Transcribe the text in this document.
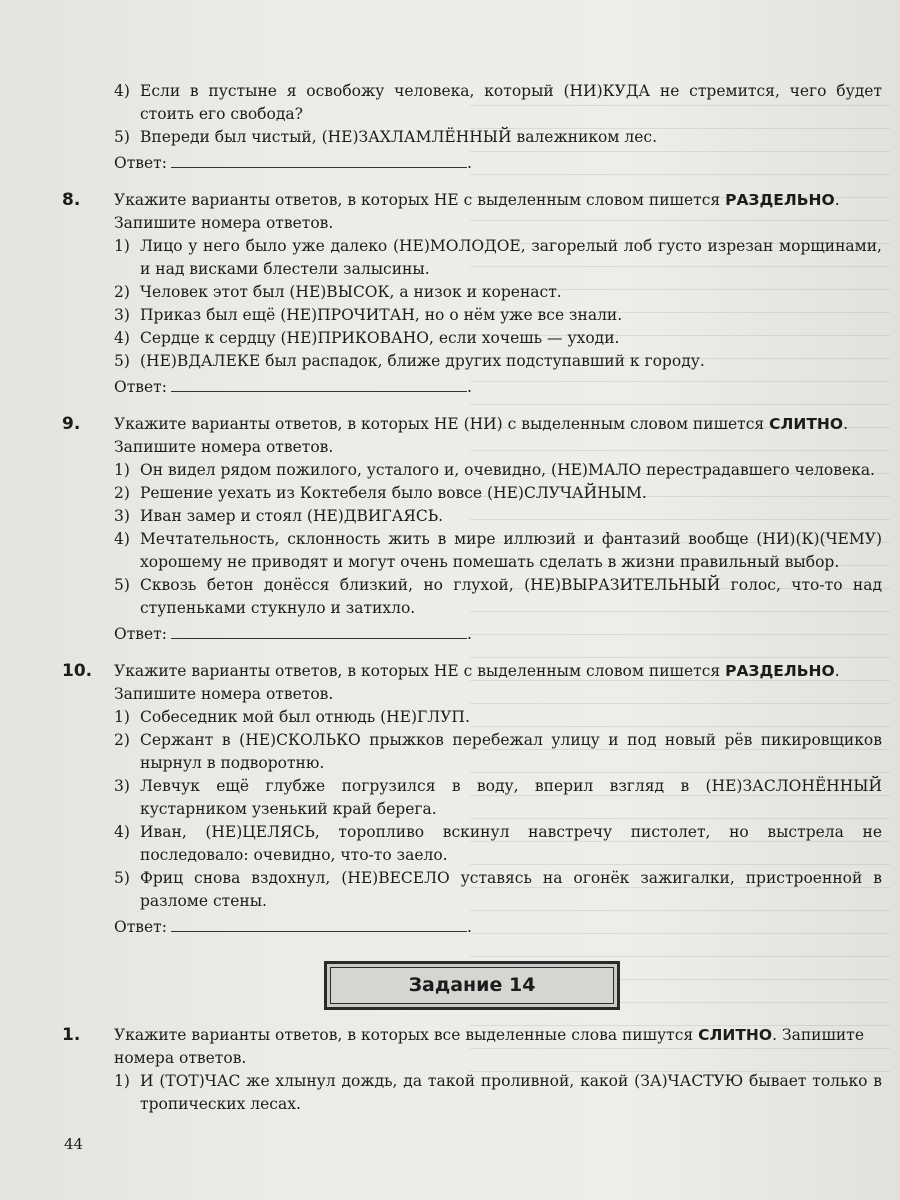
4) Если в пустыне я освобожу человека, который (НИ)КУДА не стремится, чего будет стоить его свобода?
5) Впереди был чистый, (НЕ)ЗАХЛАМЛЁННЫЙ валежником лес.
Ответ:	.
8.	Укажите варианты ответов, в которых НЕ с выделенным словом пишется РАЗДЕЛЬНО. Запишите номера ответов.
1) Лицо у него было уже далеко (НЕ)МОЛОДОЕ, загорелый лоб густо изрезан морщинами, и над висками блестели залысины.
2) Человек этот был (НЕ)ВЫСОК, а низок и коренаст.
3) Приказ был ещё (НЕ)ПРОЧИТАН, но о нём уже все знали.
4) Сердце к сердцу (НЕ)ПРИКОВАНО, если хочешь — уходи.
5) (НЕ)ВДАЛЕКЕ был распадок, ближе других подступавший к городу.
Ответ:	.
9.	Укажите варианты ответов, в которых НЕ (НИ) с выделенным словом пишется СЛИТНО. Запишите номера ответов.
1) Он видел рядом пожилого, усталого и, очевидно, (НЕ)МАЛО перестрадавшего человека.
2) Решение уехать из Коктебеля было вовсе (НЕ)СЛУЧАЙНЫМ.
3) Иван замер и стоял (НЕ)ДВИГАЯСЬ.
4) Мечтательность, склонность жить в мире иллюзий и фантазий вообще (НИ)(К)(ЧЕМУ) хорошему не приводят и могут очень помешать сделать в жизни правильный выбор.
5) Сквозь бетон донёсся близкий, но глухой, (НЕ)ВЫРАЗИТЕЛЬНЫЙ голос, что-то над ступеньками стукнуло и затихло.
Ответ:	.
10.	Укажите варианты ответов, в которых НЕ с выделенным словом пишется РАЗДЕЛЬНО. Запишите номера ответов.
1) Собеседник мой был отнюдь (НЕ)ГЛУП.
2) Сержант в (НЕ)СКОЛЬКО прыжков перебежал улицу и под новый рёв пикировщиков нырнул в подворотню.
3) Левчук ещё глубже погрузился в воду, вперил взгляд в (НЕ)ЗАСЛОНЁННЫЙ кустарником узенький край берега.
4) Иван, (НЕ)ЦЕЛЯСЬ, торопливо вскинул навстречу пистолет, но выстрела не последовало: очевидно, что-то заело.
5) Фриц снова вздохнул, (НЕ)ВЕСЕЛО уставясь на огонёк зажигалки, пристроенной в разломе стены.
Ответ:	.
Задание 14
1.	Укажите варианты ответов, в которых все выделенные слова пишутся СЛИТНО. Запишите номера ответов.
1) И (ТОТ)ЧАС же хлынул дождь, да такой проливной, какой (ЗА)ЧАСТУЮ бывает только в тропических лесах.
44
